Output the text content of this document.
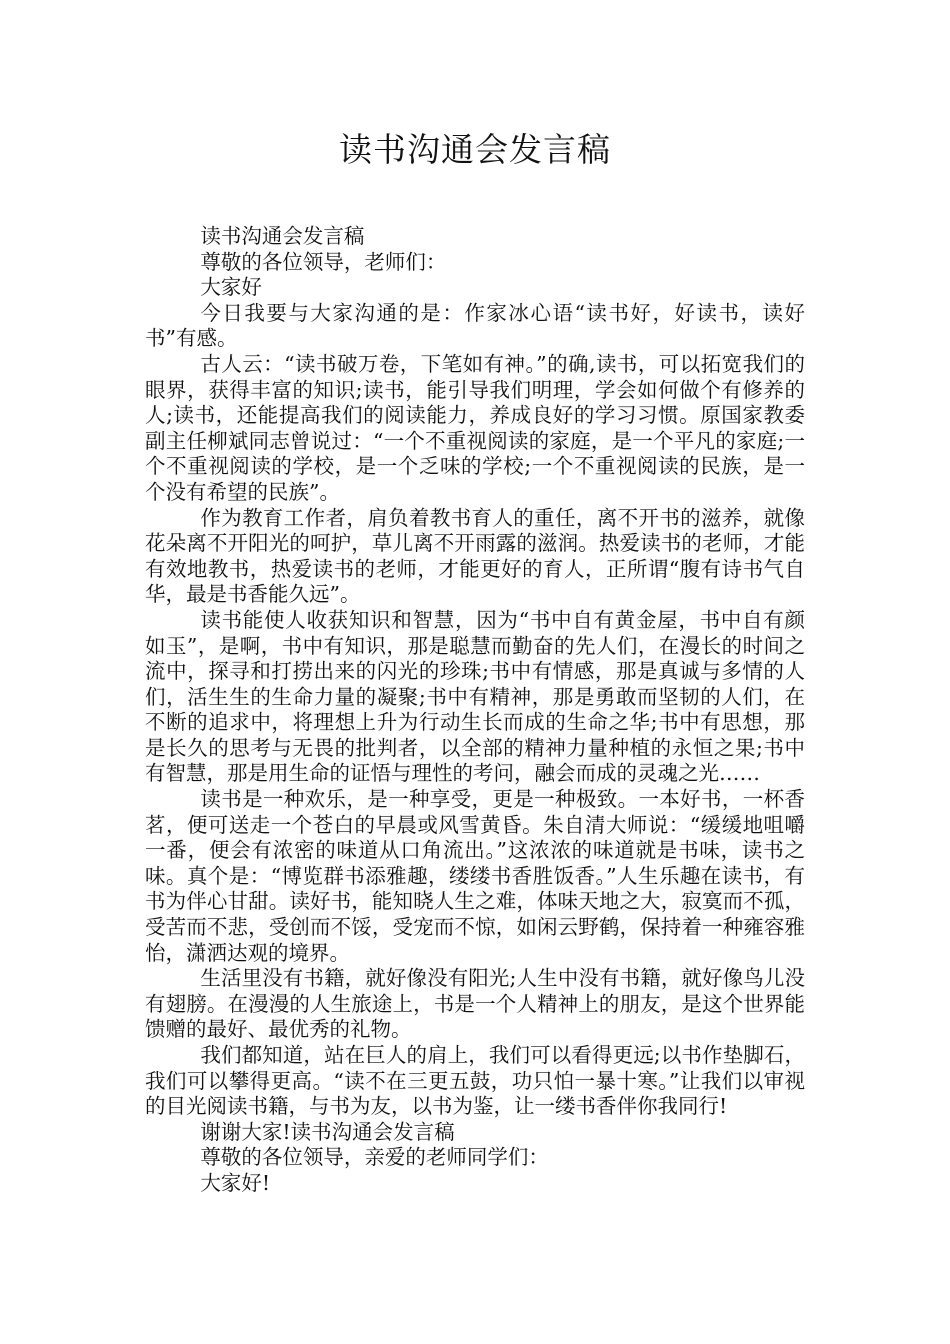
读书沟通会发言稿

读书沟通会发言稿

尊敬的各位领导，老师们：

大家好

今日我要与大家沟通的是：作家冰心语“读书好，好读书，读好书”有感。

古人云：“读书破万卷，下笔如有神。”的确,读书，可以拓宽我们的眼界，获得丰富的知识;读书，能引导我们明理，学会如何做个有修养的人;读书，还能提高我们的阅读能力，养成良好的学习习惯。原国家教委副主任柳斌同志曾说过：“一个不重视阅读的家庭，是一个平凡的家庭;一个不重视阅读的学校，是一个乏味的学校;一个不重视阅读的民族，是一个没有希望的民族”。

作为教育工作者，肩负着教书育人的重任，离不开书的滋养，就像花朵离不开阳光的呵护，草儿离不开雨露的滋润。热爱读书的老师，才能有效地教书，热爱读书的老师，才能更好的育人，正所谓“腹有诗书气自华，最是书香能久远”。

读书能使人收获知识和智慧，因为“书中自有黄金屋，书中自有颜如玉”，是啊，书中有知识，那是聪慧而勤奋的先人们，在漫长的时间之流中，探寻和打捞出来的闪光的珍珠;书中有情感，那是真诚与多情的人们，活生生的生命力量的凝聚;书中有精神，那是勇敢而坚韧的人们，在不断的追求中，将理想上升为行动生长而成的生命之华;书中有思想，那是长久的思考与无畏的批判者，以全部的精神力量种植的永恒之果;书中有智慧，那是用生命的证悟与理性的考问，融会而成的灵魂之光……

读书是一种欢乐，是一种享受，更是一种极致。一本好书，一杯香茗，便可送走一个苍白的早晨或风雪黄昏。朱自清大师说：“缓缓地咀嚼一番，便会有浓密的味道从口角流出。”这浓浓的味道就是书味，读书之味。真个是：“博览群书添雅趣，缕缕书香胜饭香。”人生乐趣在读书，有书为伴心甘甜。读好书，能知晓人生之难，体味天地之大，寂寞而不孤，受苦而不悲，受创而不馁，受宠而不惊，如闲云野鹤，保持着一种雍容雅怡，潇洒达观的境界。

生活里没有书籍，就好像没有阳光;人生中没有书籍，就好像鸟儿没有翅膀。在漫漫的人生旅途上，书是一个人精神上的朋友，是这个世界能馈赠的最好、最优秀的礼物。

我们都知道，站在巨人的肩上，我们可以看得更远;以书作垫脚石，我们可以攀得更高。“读不在三更五鼓，功只怕一暴十寒。”让我们以审视的目光阅读书籍，与书为友，以书为鉴，让一缕书香伴你我同行!

谢谢大家!读书沟通会发言稿

尊敬的各位领导，亲爱的老师同学们：

大家好!
